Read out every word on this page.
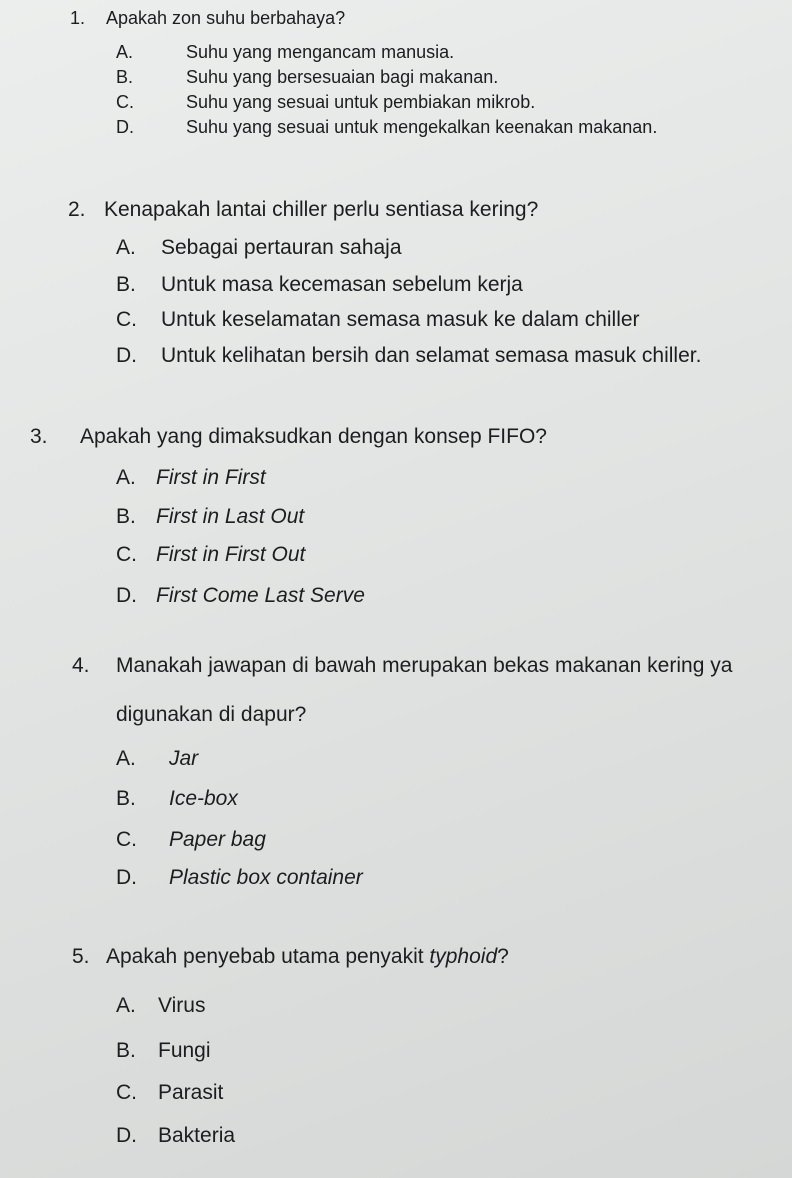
1. Apakah zon suhu berbahaya?
A.	Suhu yang mengancam manusia.
B.	Suhu yang bersesuaian bagi makanan.
C.	Suhu yang sesuai untuk pembiakan mikrob.
D.	Suhu yang sesuai untuk mengekalkan keenakan makanan.
2. Kenapakah lantai chiller perlu sentiasa kering?
A. Sebagai pertauran sahaja
B. Untuk masa kecemasan sebelum kerja
C. Untuk keselamatan semasa masuk ke dalam chiller
D. Untuk kelihatan bersih dan selamat semasa masuk chiller.
3. Apakah yang dimaksudkan dengan konsep FIFO?
A. First in First
B. First in Last Out
C. First in First Out
D. First Come Last Serve
4. Manakah jawapan di bawah merupakan bekas makanan kering ya
digunakan di dapur?
A. Jar
B. Ice-box
C. Paper bag
D. Plastic box container
5. Apakah penyebab utama penyakit typhoid?
A. Virus
B. Fungi
C. Parasit
D. Bakteria
